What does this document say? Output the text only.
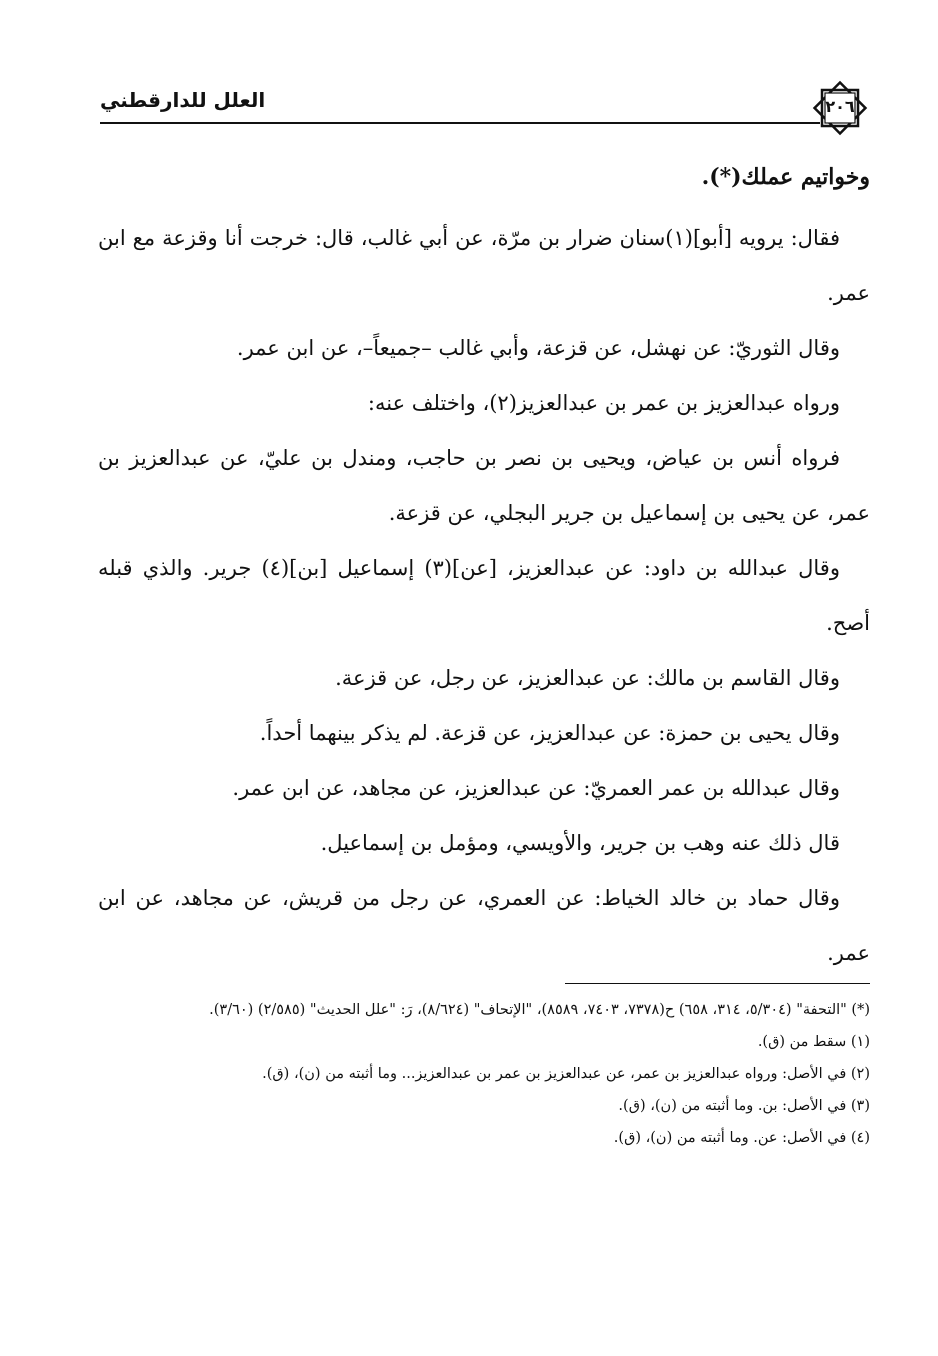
العلل للدارقطني	٢٠٦

وخواتيم عملك(*).

فقال: يرويه [أبو](١)سنان ضرار بن مرّة، عن أبي غالب، قال: خرجت أنا وقزعة مع ابن عمر.

وقال الثوريّ: عن نهشل، عن قزعة، وأبي غالب –جميعاً–، عن ابن عمر.

ورواه عبدالعزيز بن عمر بن عبدالعزيز(٢)، واختلف عنه:

فرواه أنس بن عياض، ويحيى بن نصر بن حاجب، ومندل بن عليّ، عن عبدالعزيز بن عمر، عن يحيى بن إسماعيل بن جرير البجلي، عن قزعة.

وقال عبدالله بن داود: عن عبدالعزيز، [عن](٣) إسماعيل [بن](٤) جرير. والذي قبله أصح.

وقال القاسم بن مالك: عن عبدالعزيز، عن رجل، عن قزعة.

وقال يحيى بن حمزة: عن عبدالعزيز، عن قزعة. لم يذكر بينهما أحداً.

وقال عبدالله بن عمر العمريّ: عن عبدالعزيز، عن مجاهد، عن ابن عمر.

قال ذلك عنه وهب بن جرير، والأويسي، ومؤمل بن إسماعيل.

وقال حماد بن خالد الخياط: عن العمري، عن رجل من قريش، عن مجاهد، عن ابن عمر.

(*) "التحفة" (٥/٣٠٤، ٣١٤، ٦٥٨) ح(٧٣٧٨، ٧٤٠٣، ٨٥٨٩)، "الإتحاف" (٨/٦٢٤)، رَ: "علل الحديث" (٢/٥٨٥) (٣/٦٠).

(١) سقط من (ق).

(٢) في الأصل: ورواه عبدالعزيز بن عمر، عن عبدالعزيز بن عمر بن عبدالعزيز... وما أثبته من (ن)، (ق).

(٣) في الأصل: بن. وما أثبته من (ن)، (ق).

(٤) في الأصل: عن. وما أثبته من (ن)، (ق).
